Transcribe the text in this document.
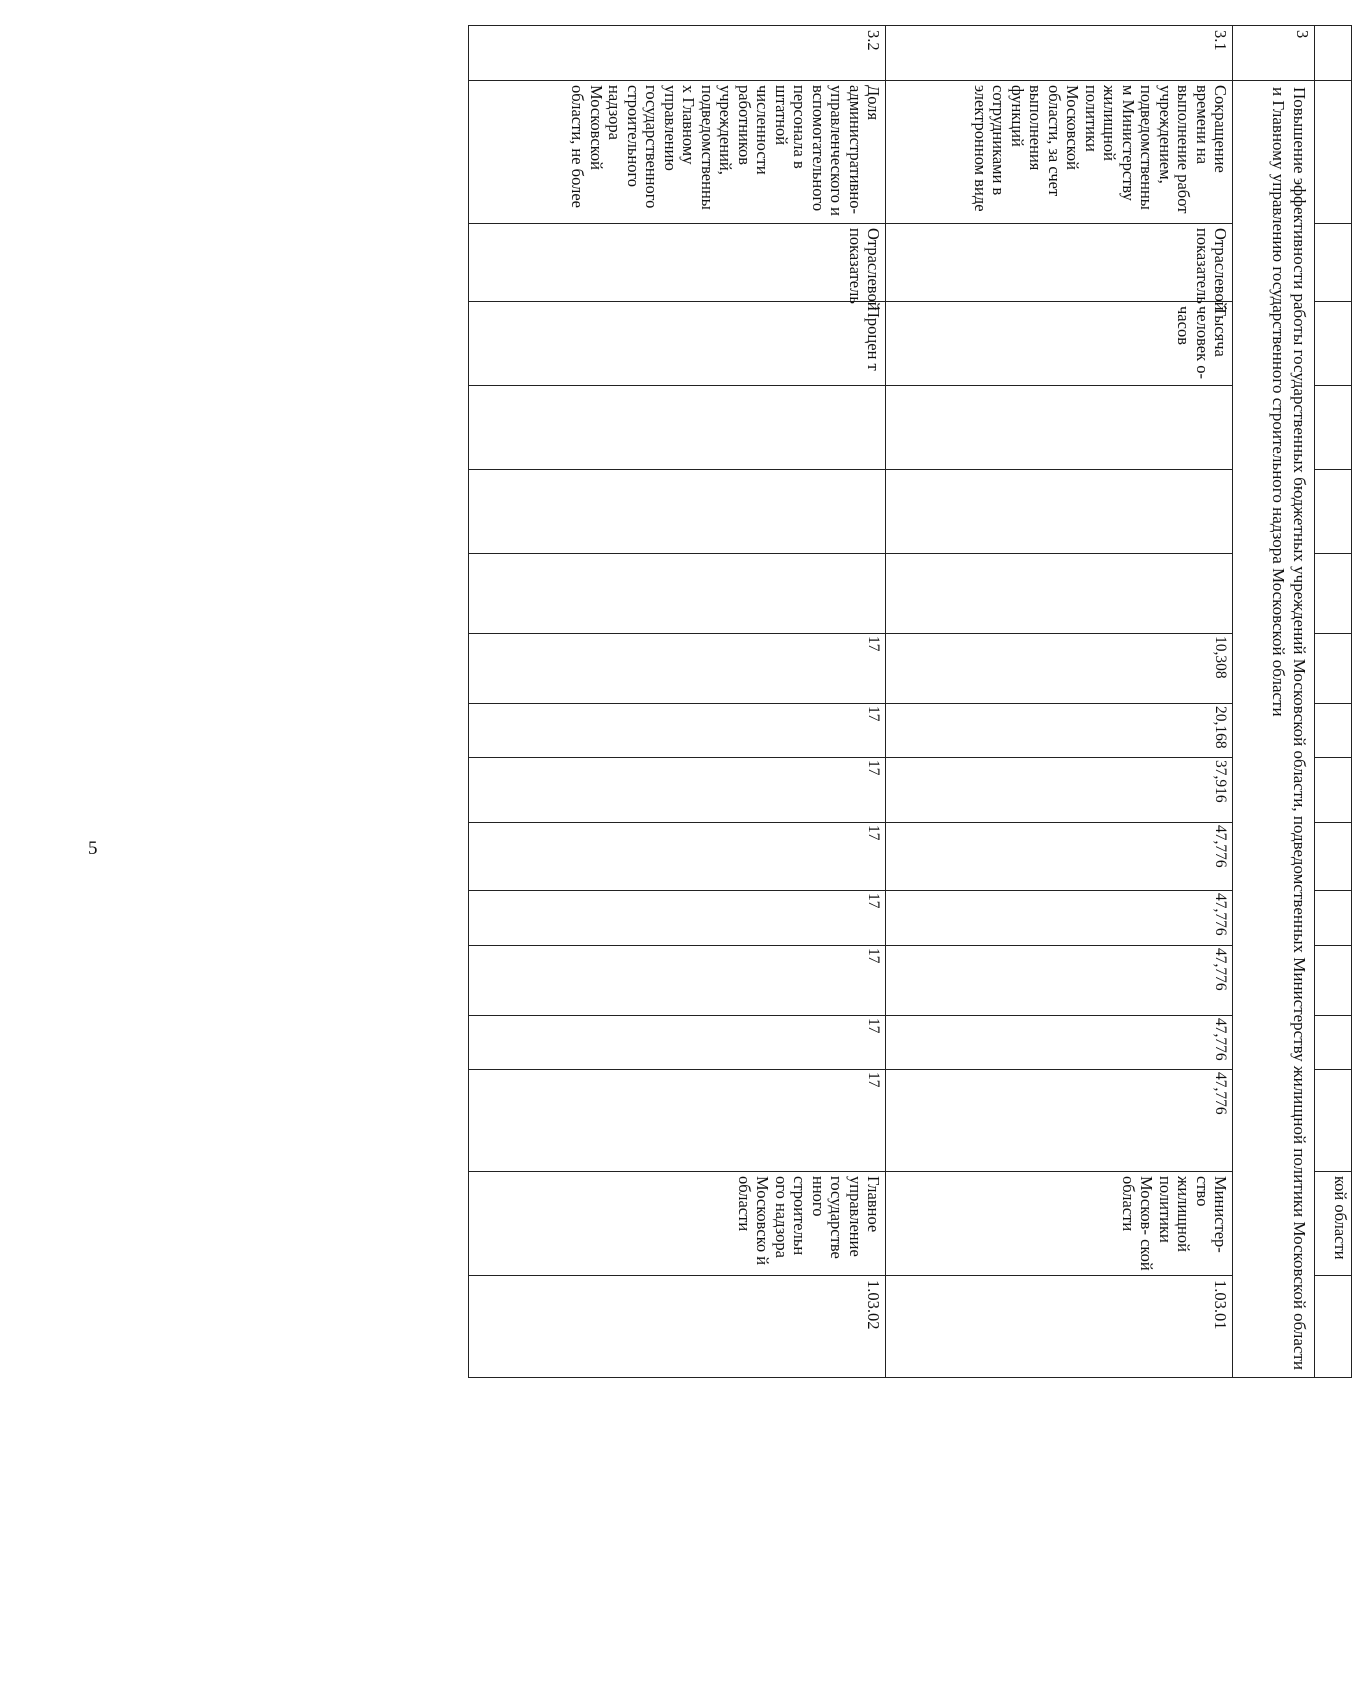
5
															кой области	
3	Повышение эффективности работы государственных бюджетных учреждений Московской области, подведомственных Министерству жилищной политики Московской области и Главному управлению государственного строительного надзора Московской области															
3.1	Сокращение времени на выполнение работ учреждением, подведомственны м Министерству жилищной политики Московской области, за счет выполнения функций сотрудниками в электронном виде	Отраслевой показатель	Тысяча человек о-часов				10,308	20,168	37,916	47,776	47,776	47,776	47,776	47,776	Министер- ство жилищной политики Москов- ской области	1.03.01
3.2	Доля административно- управленческого и вспомогательного персонала в штатной численности работников учреждений, подведомственны х Главному управлению государственного строительного надзора Московской области, не более	Отраслевой показатель	Процен т				17	17	17	17	17	17	17	17	Главное управление государстве нного строительн ого надзора Московско й области	1.03.02
